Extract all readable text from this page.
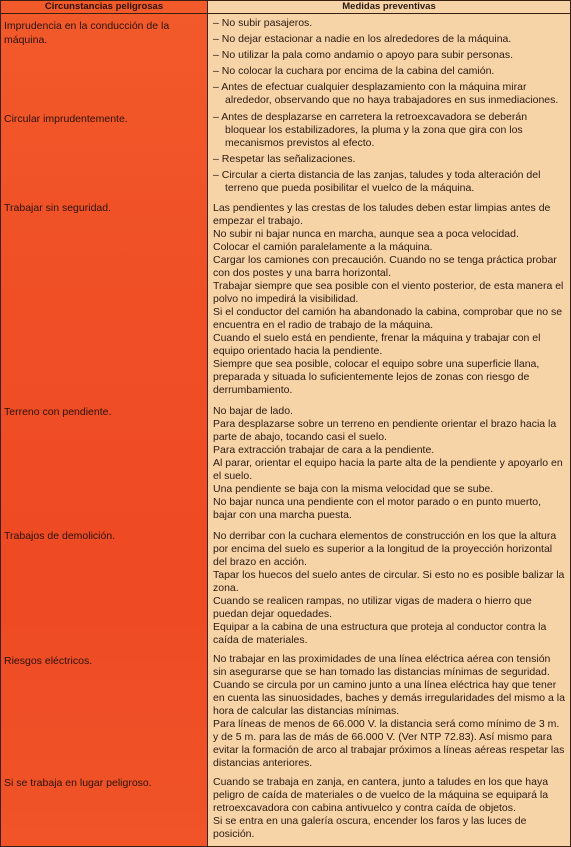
Circunstancias peligrosas
Imprudencia en la conducción de la máquina.
Circular imprudentemente.
Trabajar sin seguridad.
Terreno con pendiente.
Trabajos de demolición.
Riesgos eléctricos.
Si se trabaja en lugar peligroso.
Medidas preventivas

– No subir pasajeros.

– No dejar estacionar a nadie en los alrededores de la máquina.

– No utilizar la pala como andamio o apoyo para subir personas.

– No colocar la cuchara por encima de la cabina del camión.

– Antes de efectuar cualquier desplazamiento con la máquina mirar alrededor, observando que no haya trabajadores en sus inmediaciones.

– Antes de desplazarse en carretera la retroexcavadora se deberán bloquear los estabilizadores, la pluma y la zona que gira con los mecanismos previstos al efecto.

– Respetar las señalizaciones.

– Circular a cierta distancia de las zanjas, taludes y toda alteración del terreno que pueda posibilitar el vuelco de la máquina.

Las pendientes y las crestas de los taludes deben estar limpias antes de empezar el trabajo.

No subir ni bajar nunca en marcha, aunque sea a poca velocidad.

Colocar el camión paralelamente a la máquina.

Cargar los camiones con precaución. Cuando no se tenga práctica probar con dos postes y una barra horizontal.

Trabajar siempre que sea posible con el viento posterior, de esta manera el polvo no impedirá la visibilidad.

Si el conductor del camión ha abandonado la cabina, comprobar que no se encuentra en el radio de trabajo de la máquina.

Cuando el suelo está en pendiente, frenar la máquina y trabajar con el equipo orientado hacia la pendiente.

Siempre que sea posible, colocar el equipo sobre una superficie llana, preparada y situada lo suficientemente lejos de zonas con riesgo de derrumbamiento.

No bajar de lado.

Para desplazarse sobre un terreno en pendiente orientar el brazo hacia la parte de abajo, tocando casi el suelo.

Para extracción trabajar de cara a la pendiente.

Al parar, orientar el equipo hacia la parte alta de la pendiente y apoyarlo en el suelo.

Una pendiente se baja con la misma velocidad que se sube.

No bajar nunca una pendiente con el motor parado o en punto muerto, bajar con una marcha puesta.

No derribar con la cuchara elementos de construcción en los que la altura por encima del suelo es superior a la longitud de la proyección horizontal del brazo en acción.

Tapar los huecos del suelo antes de circular. Si esto no es posible balizar la zona.

Cuando se realicen rampas, no utilizar vigas de madera o hierro que puedan dejar oquedades.

Equipar a la cabina de una estructura que proteja al conductor contra la caída de materiales.

No trabajar en las proximidades de una línea eléctrica aérea con tensión sin asegurarse que se han tomado las distancias mínimas de seguridad.

Cuando se circula por un camino junto a una línea eléctrica hay que tener en cuenta las sinuosidades, baches y demás irregularidades del mismo a la hora de calcular las distancias mínimas.

Para líneas de menos de 66.000 V. la distancia será como mínimo de 3 m. y de 5 m. para las de más de 66.000 V. (Ver NTP 72.83). Así mismo para evitar la formación de arco al trabajar próximos a líneas aéreas respetar las distancias anteriores.

Cuando se trabaja en zanja, en cantera, junto a taludes en los que haya peligro de caída de materiales o de vuelco de la máquina se equipará la retroexcavadora con cabina antivuelco y contra caída de objetos.

Si se entra en una galería oscura, encender los faros y las luces de posición.
